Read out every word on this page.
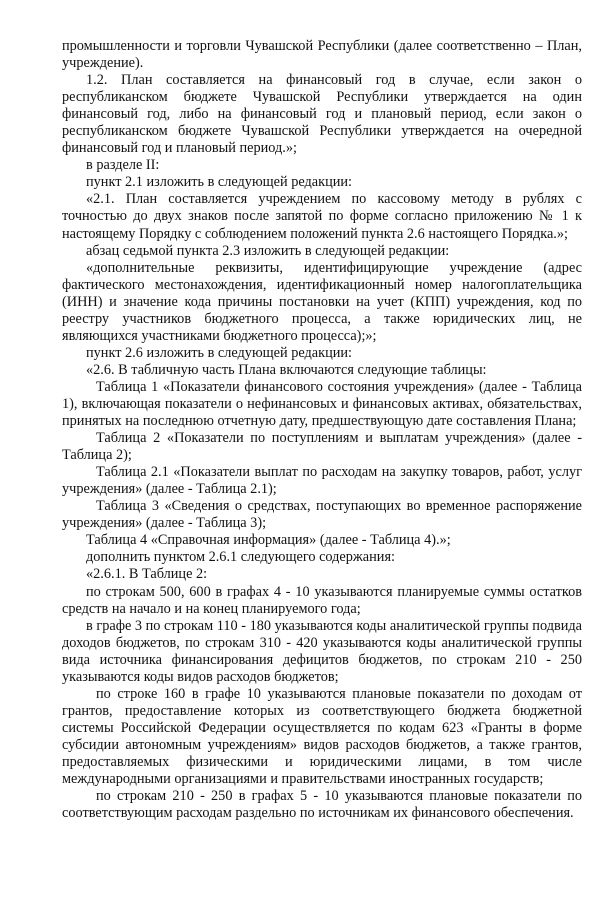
промышленности и торговли Чувашской Республики (далее соответственно – План, учреждение).

1.2. План составляется на финансовый год в случае, если закон о республиканском бюджете Чувашской Республики утверждается на один финансовый год, либо на финансовый год и плановый период, если закон о республиканском бюджете Чувашской Республики утверждается на очередной финансовый год и плановый период.»;

в разделе II:

пункт 2.1 изложить в следующей редакции:

«2.1. План составляется учреждением по кассовому методу в рублях с точностью до двух знаков после запятой по форме согласно приложению № 1 к настоящему Порядку с соблюдением положений пункта 2.6 настоящего Порядка.»;

абзац седьмой пункта 2.3 изложить в следующей редакции:

«дополнительные реквизиты, идентифицирующие учреждение (адрес фактического местонахождения, идентификационный номер налогоплательщика (ИНН) и значение кода причины постановки на учет (КПП) учреждения, код по реестру участников бюджетного процесса, а также юридических лиц, не являющихся участниками бюджетного процесса);»;

пункт 2.6 изложить в следующей редакции:

«2.6. В табличную часть Плана включаются следующие таблицы:

Таблица 1 «Показатели финансового состояния учреждения» (далее - Таблица 1), включающая показатели о нефинансовых и финансовых активах, обязательствах, принятых на последнюю отчетную дату, предшествующую дате составления Плана;

Таблица 2 «Показатели по поступлениям и выплатам учреждения» (далее - Таблица 2);

Таблица 2.1 «Показатели выплат по расходам на закупку товаров, работ, услуг учреждения» (далее - Таблица 2.1);

Таблица 3 «Сведения о средствах, поступающих во временное распоряжение учреждения» (далее - Таблица 3);

Таблица 4 «Справочная информация» (далее - Таблица 4).»;

дополнить пунктом 2.6.1 следующего содержания:

«2.6.1. В Таблице 2:

по строкам 500, 600 в графах 4 - 10 указываются планируемые суммы остатков средств на начало и на конец планируемого года;

в графе 3 по строкам 110 - 180 указываются коды аналитической группы подвида доходов бюджетов, по строкам 310 - 420 указываются коды аналитической группы вида источника финансирования дефицитов бюджетов, по строкам 210 - 250 указываются коды видов расходов бюджетов;

по строке 160 в графе 10 указываются плановые показатели по доходам от грантов, предоставление которых из соответствующего бюджета бюджетной системы Российской Федерации осуществляется по кодам 623 «Гранты в форме субсидии автономным учреждениям» видов расходов бюджетов, а также грантов, предоставляемых физическими и юридическими лицами, в том числе международными организациями и правительствами иностранных государств;

по строкам 210 - 250 в графах 5 - 10 указываются плановые показатели по соответствующим расходам раздельно по источникам их финансового обеспечения.
